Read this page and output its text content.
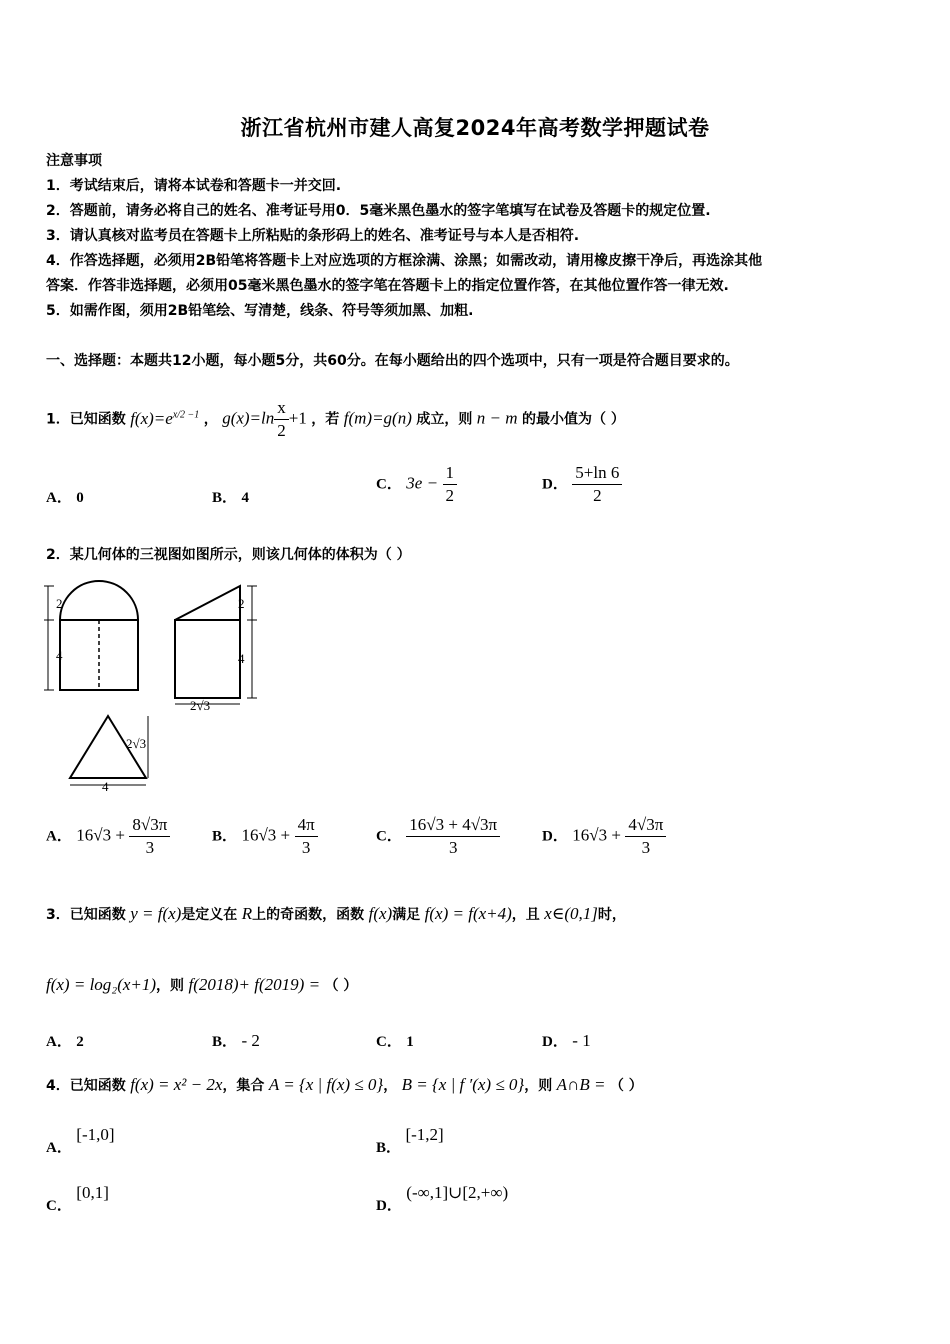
浙江省杭州市建人高复2024年高考数学押题试卷
注意事项
1．考试结束后，请将本试卷和答题卡一并交回.
2．答题前，请务必将自己的姓名、准考证号用0．5毫米黑色墨水的签字笔填写在试卷及答题卡的规定位置.
3．请认真核对监考员在答题卡上所粘贴的条形码上的姓名、准考证号与本人是否相符.
4．作答选择题，必须用2B铅笔将答题卡上对应选项的方框涂满、涂黑；如需改动，请用橡皮擦干净后，再选涂其他
答案．作答非选择题，必须用05毫米黑色墨水的签字笔在答题卡上的指定位置作答，在其他位置作答一律无效.
5．如需作图，须用2B铅笔绘、写清楚，线条、符号等须加黑、加粗.
一、选择题：本题共12小题，每小题5分，共60分。在每小题给出的四个选项中，只有一项是符合题目要求的。
1．已知函数 $f(x)=e^{x/2 -1}$ ， $g(x)=\ln \frac{x}{2} +1$ ，若 f(m)=g(n) 成立，则 n − m 的最小值为（ ）
A． 0	B． 4
C． $3e - \frac{1}{2}$	D． $\frac{5+\ln 6}{2}$
2．某几何体的三视图如图所示，则该几何体的体积为（ ）
2
4
2
4
2√3
2√3
4
A． $16√3 + \frac{8√3\pi}{3}$	B． $16√3 + \frac{4\pi}{3}$	C． $\frac{16√3 + 4√3\pi}{3}$	D． $16√3 + \frac{4√3\pi}{3}$
3．已知函数 y = f(x)是定义在 R上的奇函数，函数 f(x)满足 f(x) = f(x+4)，且 x∈(0,1]时，
f(x) = log₂(x+1)，则 f(2018)+ f(2019) = （ ）
A． 2	B． - 2	C． 1	D． - 1
4．已知函数 f(x) = x² − 2x，集合 A = {x | f(x) ≤ 0}， B = {x | f ′(x) ≤ 0}，则 A∩B = （ ）
A． [-1,0]
B． [-1,2]
C． [0,1]
D． (-∞,1]∪[2,+∞)
